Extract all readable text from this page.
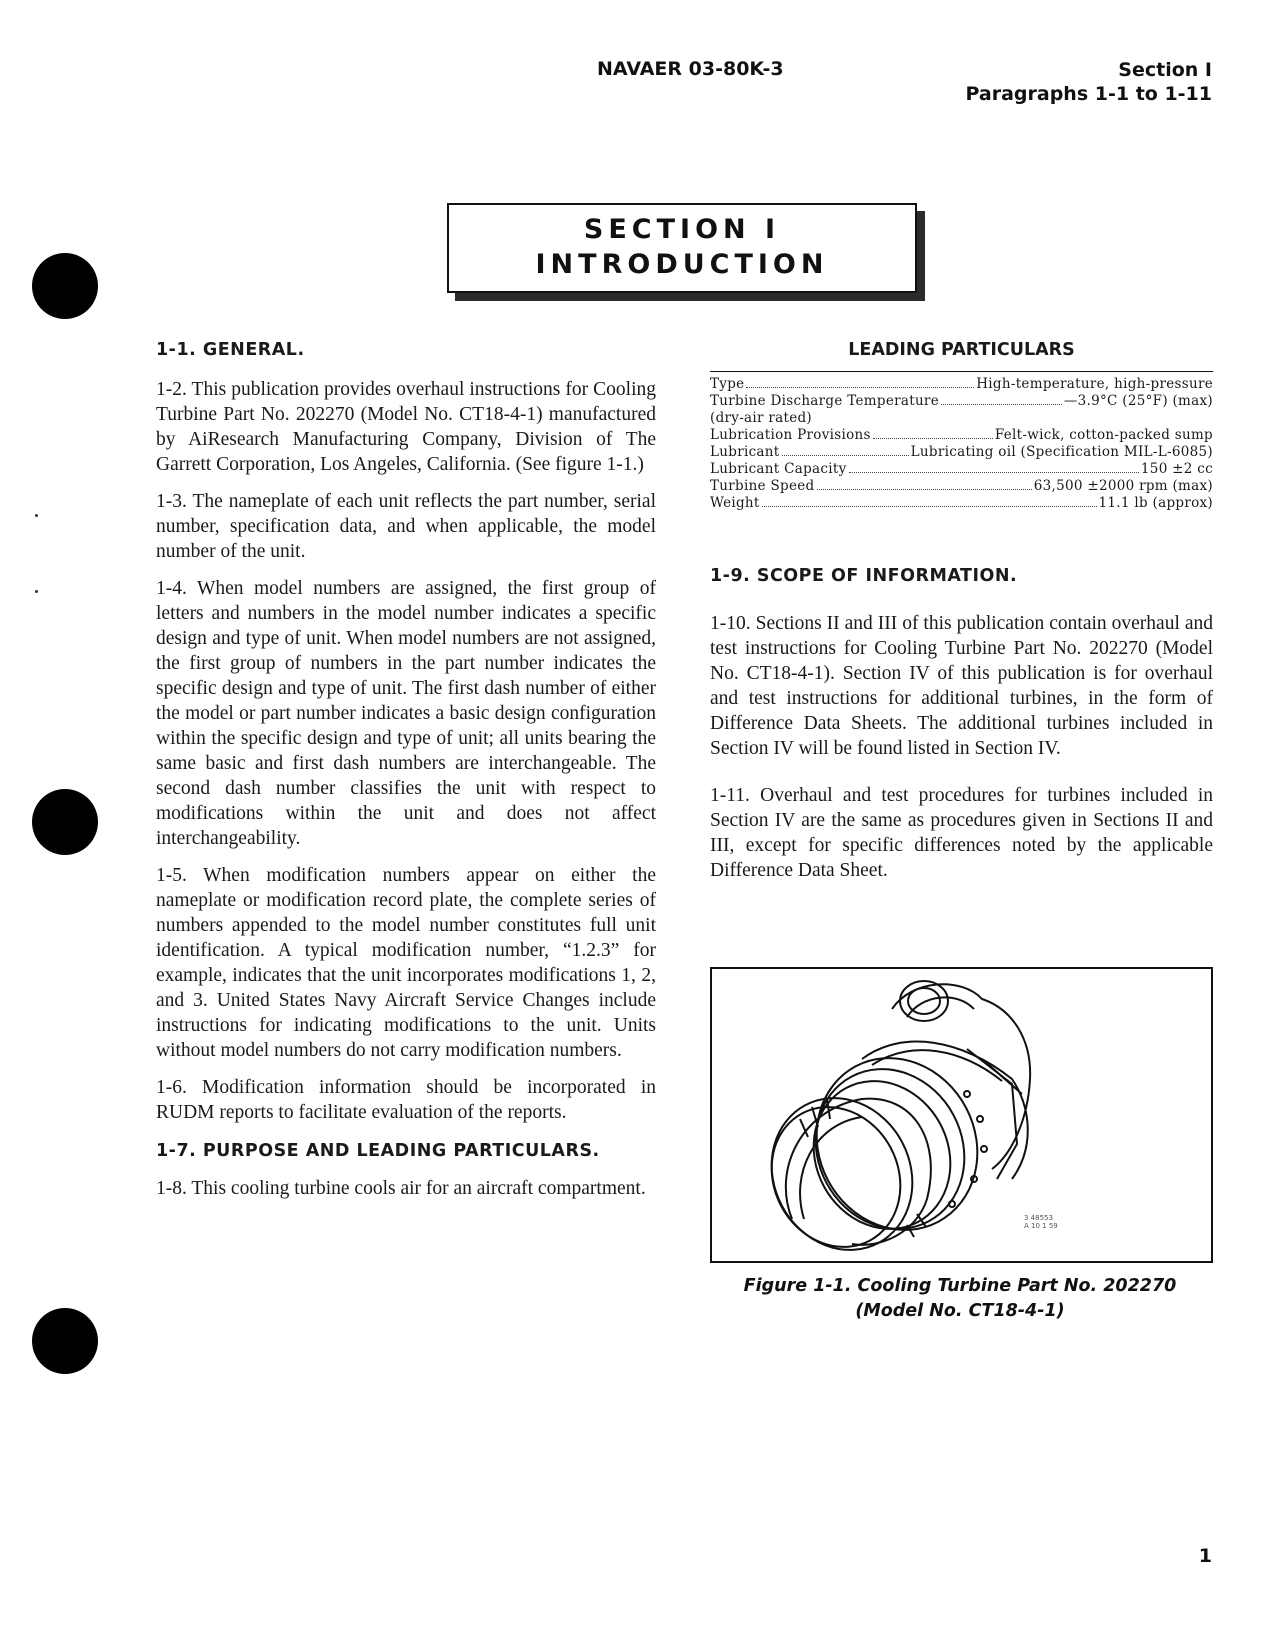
NAVAER 03-80K-3	Section I
Paragraphs 1-1 to 1-11
SECTION I
INTRODUCTION
1-1. GENERAL.

1-2. This publication provides overhaul instructions for Cooling Turbine Part No. 202270 (Model No. CT18-4-1) manufactured by AiResearch Manufacturing Company, Division of The Garrett Corporation, Los Angeles, California. (See figure 1-1.)

1-3. The nameplate of each unit reflects the part number, serial number, specification data, and when applicable, the model number of the unit.

1-4. When model numbers are assigned, the first group of letters and numbers in the model number indicates a specific design and type of unit. When model numbers are not assigned, the first group of numbers in the part number indicates the specific design and type of unit. The first dash number of either the model or part number indicates a basic design configuration within the specific design and type of unit; all units bearing the same basic and first dash numbers are interchangeable. The second dash number classifies the unit with respect to modifications within the unit and does not affect interchangeability.

1-5. When modification numbers appear on either the nameplate or modification record plate, the complete series of numbers appended to the model number constitutes full unit identification. A typical modification number, “1.2.3” for example, indicates that the unit incorporates modifications 1, 2, and 3. United States Navy Aircraft Service Changes include instructions for indicating modifications to the unit. Units without model numbers do not carry modification numbers.

1-6. Modification information should be incorporated in RUDM reports to facilitate evaluation of the reports.

1-7. PURPOSE AND LEADING PARTICULARS.

1-8. This cooling turbine cools air for an aircraft compartment.

LEADING PARTICULARS
Type	High-temperature, high-pressure
Turbine Discharge Temperature	—3.9°C (25°F) (max)
(dry-air rated)
Lubrication Provisions	Felt-wick, cotton-packed sump
Lubricant	Lubricating oil (Specification MIL-L-6085)
Lubricant Capacity	150 ±2 cc
Turbine Speed	63,500 ±2000 rpm (max)
Weight	11.1 lb (approx)
1-9. SCOPE OF INFORMATION.

1-10. Sections II and III of this publication contain overhaul and test instructions for Cooling Turbine Part No. 202270 (Model No. CT18-4-1). Section IV of this publication is for overhaul and test instructions for additional turbines, in the form of Difference Data Sheets. The additional turbines included in Section IV will be found listed in Section IV.

1-11. Overhaul and test procedures for turbines included in Section IV are the same as procedures given in Sections II and III, except for specific differences noted by the applicable Difference Data Sheet.

3 48553
A 10 1 59
Figure 1-1. Cooling Turbine Part No. 202270
(Model No. CT18-4-1)
1
